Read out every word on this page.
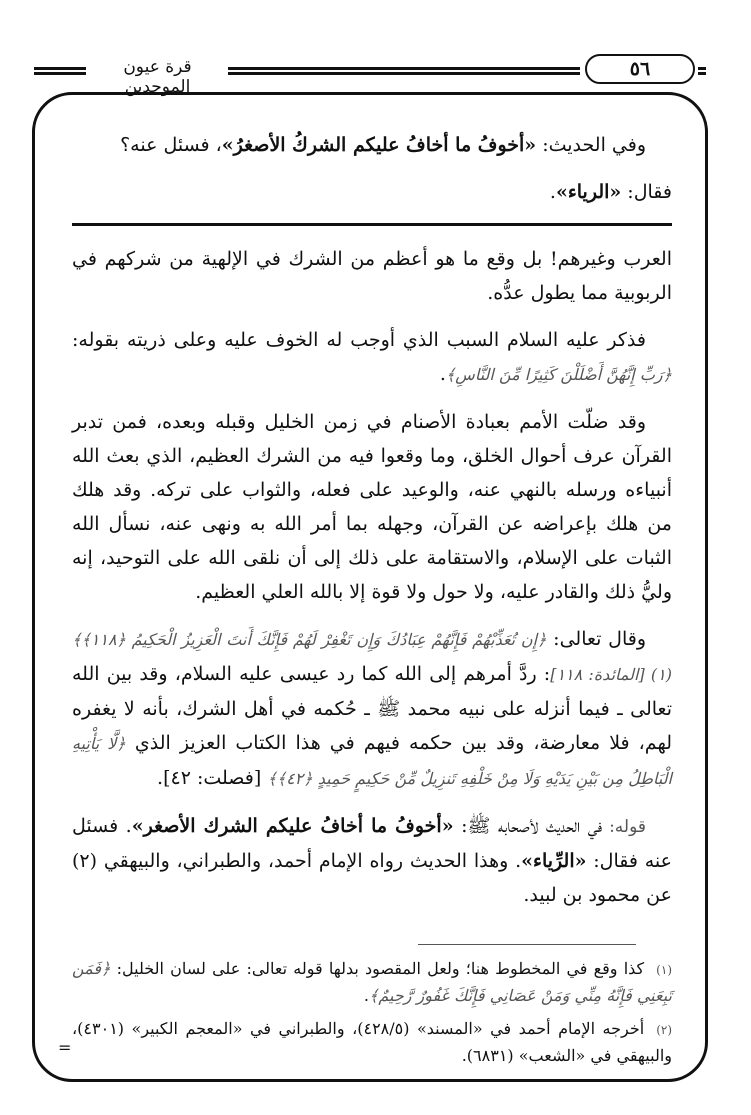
قرة عيون الموحدين
٥٦

وفي الحديث: «أخوفُ ما أخافُ عليكم الشركُ الأصغرُ»، فسئل عنه؟

فقال: «الرياء».

العرب وغيرهم! بل وقع ما هو أعظم من الشرك في الإلهية من شركهم في الربوبية مما يطول عدُّه.

فذكر عليه السلام السبب الذي أوجب له الخوف عليه وعلى ذريته بقوله: ﴿رَبِّ إِنَّهُنَّ أَضْلَلْنَ كَثِيرًا مِّنَ النَّاسِ﴾.

وقد ضلّت الأمم بعبادة الأصنام في زمن الخليل وقبله وبعده، فمن تدبر القرآن عرف أحوال الخلق، وما وقعوا فيه من الشرك العظيم، الذي بعث الله أنبياءه ورسله بالنهي عنه، والوعيد على فعله، والثواب على تركه. وقد هلك من هلك بإعراضه عن القرآن، وجهله بما أمر الله به ونهى عنه، نسأل الله الثبات على الإسلام، والاستقامة على ذلك إلى أن نلقى الله على التوحيد، إنه وليُّ ذلك والقادر عليه، ولا حول ولا قوة إلا بالله العلي العظيم.

وقال تعالى: ﴿إِن تُعَذِّبْهُمْ فَإِنَّهُمْ عِبَادُكَ وَإِن تَغْفِرْ لَهُمْ فَإِنَّكَ أَنتَ الْعَزِيزُ الْحَكِيمُ ﴿١١٨﴾﴾ (١) [المائدة: ١١٨]: ردَّ أمرهم إلى الله كما رد عيسى عليه السلام، وقد بين الله تعالى ـ فيما أنزله على نبيه محمد ﷺ ـ حُكمه في أهل الشرك، بأنه لا يغفره لهم، فلا معارضة، وقد بين حكمه فيهم في هذا الكتاب العزيز الذي ﴿لَّا يَأْتِيهِ الْبَاطِلُ مِن بَيْنِ يَدَيْهِ وَلَا مِنْ خَلْفِهِ تَنزِيلٌ مِّنْ حَكِيمٍ حَمِيدٍ ﴿٤٢﴾﴾ [فصلت: ٤٢].

قوله: في الحديث لأصحابه ﷺ: «أخوفُ ما أخافُ عليكم الشرك الأصغر». فسئل عنه فقال: «الرِّياء». وهذا الحديث رواه الإمام أحمد، والطبراني، والبيهقي (٢) عن محمود بن لبيد.

(١)كذا وقع في المخطوط هنا؛ ولعل المقصود بدلها قوله تعالى: على لسان الخليل: ﴿فَمَن تَبِعَنِي فَإِنَّهُ مِنِّي وَمَنْ عَصَانِي فَإِنَّكَ غَفُورٌ رَّحِيمٌ﴾.

(٢)أخرجه الإمام أحمد في «المسند» (٤٢٨/٥)، والطبراني في «المعجم الكبير» (٤٣٠١)، والبيهقي في «الشعب» (٦٨٣١).

=
